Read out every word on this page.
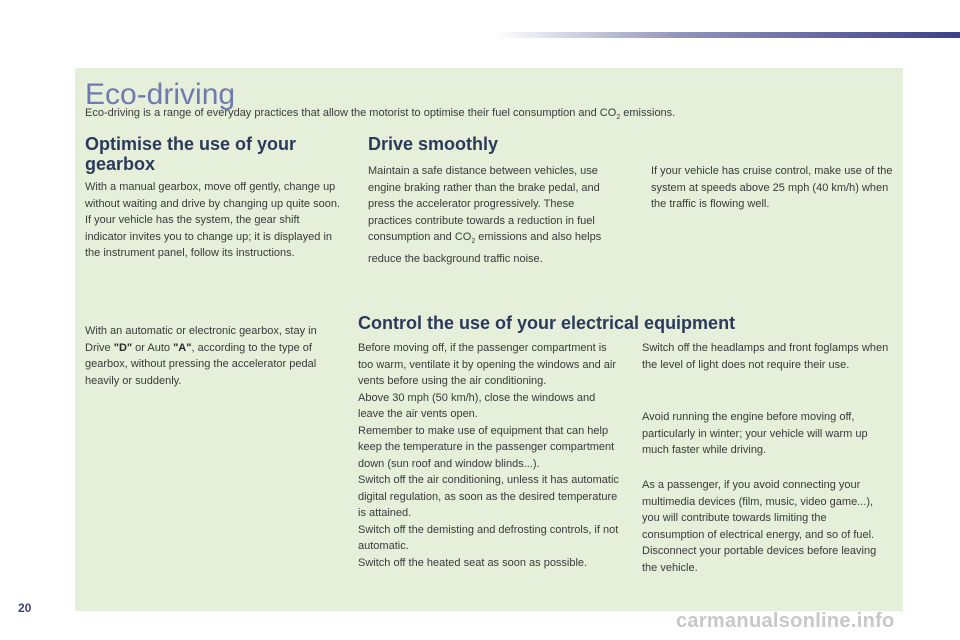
Eco-driving
Eco-driving is a range of everyday practices that allow the motorist to optimise their fuel consumption and $CO_2$ emissions.
Optimise the use of your gearbox

With a manual gearbox, move off gently, change up without waiting and drive by changing up quite soon. If your vehicle has the system, the gear shift indicator invites you to change up; it is displayed in the instrument panel, follow its instructions.

With an automatic or electronic gearbox, stay in Drive "D" or Auto "A", according to the type of gearbox, without pressing the accelerator pedal heavily or suddenly.

Drive smoothly

Maintain a safe distance between vehicles, use engine braking rather than the brake pedal, and press the accelerator progressively. These practices contribute towards a reduction in fuel consumption and $CO_2$ emissions and also helps reduce the background traffic noise.

If your vehicle has cruise control, make use of the system at speeds above 25 mph (40 km/h) when the traffic is flowing well.

Control the use of your electrical equipment
Before moving off, if the passenger compartment is too warm, ventilate it by opening the windows and air vents before using the air conditioning.
Above 30 mph (50 km/h), close the windows and leave the air vents open.
Remember to make use of equipment that can help keep the temperature in the passenger compartment down (sun roof and window blinds...).
Switch off the air conditioning, unless it has automatic digital regulation, as soon as the desired temperature is attained.
Switch off the demisting and defrosting controls, if not automatic.
Switch off the heated seat as soon as possible.

Switch off the headlamps and front foglamps when the level of light does not require their use.

Avoid running the engine before moving off, particularly in winter; your vehicle will warm up much faster while driving.

As a passenger, if you avoid connecting your multimedia devices (film, music, video game...), you will contribute towards limiting the consumption of electrical energy, and so of fuel.
Disconnect your portable devices before leaving the vehicle.
20
carmanualsonline.info
